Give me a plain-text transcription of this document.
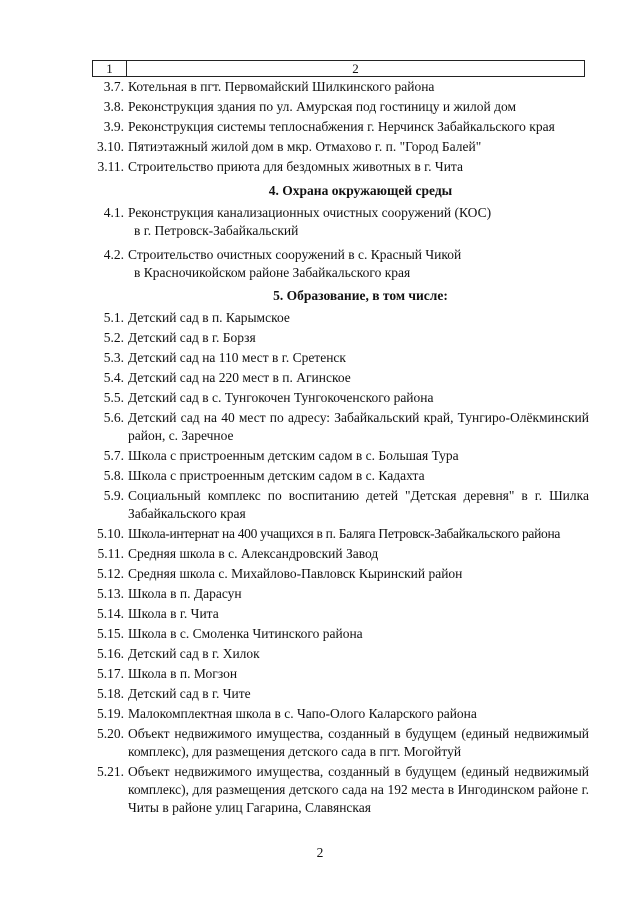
1	2
3.7. Котельная в пгт. Первомайский Шилкинского района
3.8. Реконструкция здания по ул. Амурская под гостиницу и жилой дом
3.9. Реконструкция системы теплоснабжения г. Нерчинск Забайкальского края
3.10. Пятиэтажный жилой дом в мкр. Отмахово г. п. "Город Балей"
3.11. Строительство приюта для бездомных животных в г. Чита
4. Охрана окружающей среды
4.1. Реконструкция канализационных очистных сооружений (КОС)
в г. Петровск-Забайкальский
4.2. Строительство очистных сооружений в с. Красный Чикой
в Красночикойском районе Забайкальского края
5. Образование, в том числе:
5.1. Детский сад в п. Карымское
5.2. Детский сад в г. Борзя
5.3. Детский сад на 110 мест в г. Сретенск
5.4. Детский сад на 220 мест в п. Агинское
5.5. Детский сад в с. Тунгокочен Тунгокоченского района
5.6. Детский сад на 40 мест по адресу: Забайкальский край, Тунгиро-Олёкминский район, с. Заречное
5.7. Школа с пристроенным детским садом в с. Большая Тура
5.8. Школа с пристроенным детским садом в с. Кадахта
5.9. Социальный комплекс по воспитанию детей "Детская деревня" в г. Шилка Забайкальского края
5.10. Школа-интернат на 400 учащихся в п. Баляга Петровск-Забайкальского района
5.11. Средняя школа в с. Александровский Завод
5.12. Средняя школа с. Михайлово-Павловск Кыринский район
5.13. Школа в п. Дарасун
5.14. Школа в г. Чита
5.15. Школа в с. Смоленка Читинского района
5.16. Детский сад в г. Хилок
5.17. Школа в п. Могзон
5.18. Детский сад в г. Чите
5.19. Малокомплектная школа в с. Чапо-Олого Каларского района
5.20. Объект недвижимого имущества, созданный в будущем (единый недвижимый комплекс), для размещения детского сада в пгт. Могойтуй
5.21. Объект недвижимого имущества, созданный в будущем (единый недвижимый комплекс), для размещения детского сада на 192 места в Ингодинском районе г. Читы в районе улиц Гагарина, Славянская
2
